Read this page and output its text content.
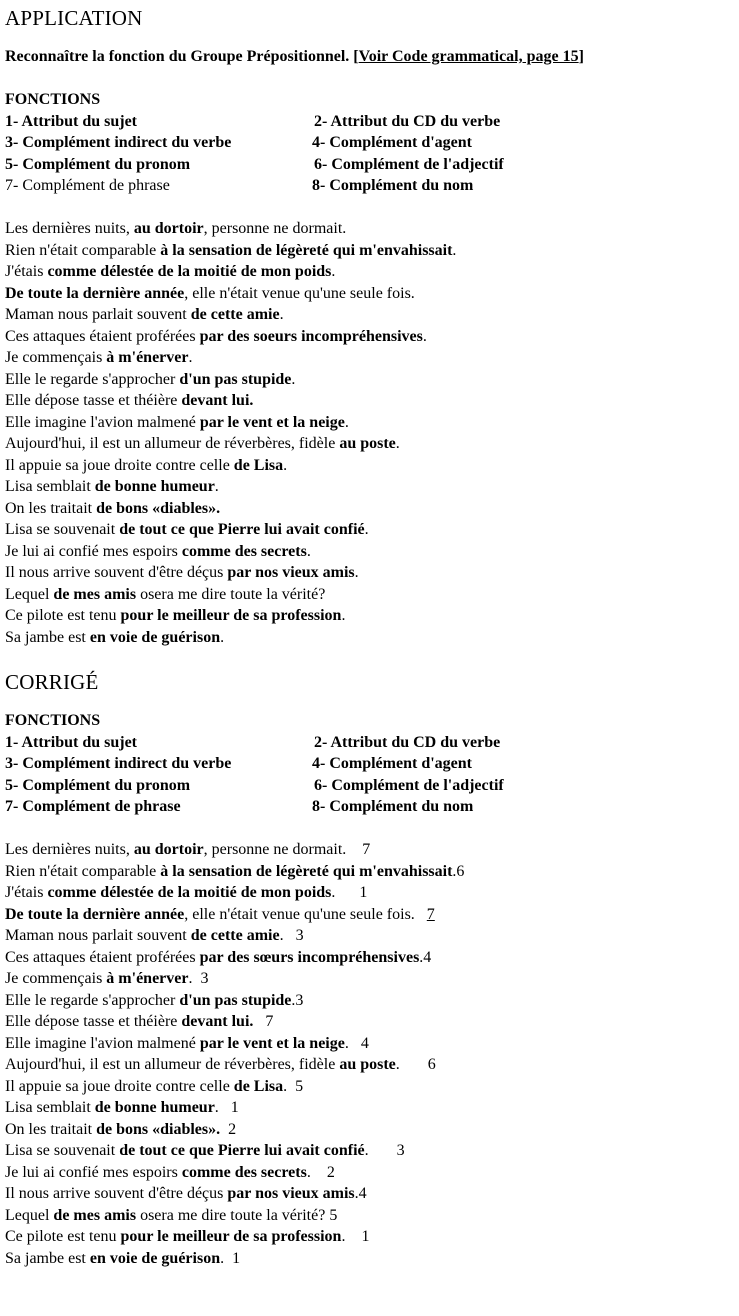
APPLICATION
Reconnaître la fonction du Groupe Prépositionnel. [Voir Code grammatical, page 15]
FONCTIONS
1- Attribut du sujet	2- Attribut du CD du verbe
3- Complément indirect du verbe	4- Complément d'agent
5- Complément du pronom	6- Complément de l'adjectif
7- Complément de phrase	8- Complément du nom
Les dernières nuits, au dortoir, personne ne dormait.
Rien n'était comparable à la sensation de légèreté qui m'envahissait.
J'étais comme délestée de la moitié de mon poids.
De toute la dernière année, elle n'était venue qu'une seule fois.
Maman nous parlait souvent de cette amie.
Ces attaques étaient proférées par des soeurs incompréhensives.
Je commençais à m'énerver.
Elle le regarde s'approcher d'un pas stupide.
Elle dépose tasse et théière devant lui.
Elle imagine l'avion malmené par le vent et la neige.
Aujourd'hui, il est un allumeur de réverbères, fidèle au poste.
Il appuie sa joue droite contre celle de Lisa.
Lisa semblait de bonne humeur.
On les traitait de bons «diables».
Lisa se souvenait de tout ce que Pierre lui avait confié.
Je lui ai confié mes espoirs comme des secrets.
Il nous arrive souvent d'être déçus par nos vieux amis.
Lequel de mes amis osera me dire toute la vérité?
Ce pilote est tenu pour le meilleur de sa profession.
Sa jambe est en voie de guérison.
CORRIGÉ
FONCTIONS
1- Attribut du sujet	2- Attribut du CD du verbe
3- Complément indirect du verbe	4- Complément d'agent
5- Complément du pronom	6- Complément de l'adjectif
7- Complément de phrase	8- Complément du nom
Les dernières nuits, au dortoir, personne ne dormait.    7
Rien n'était comparable à la sensation de légèreté qui m'envahissait.6
J'étais comme délestée de la moitié de mon poids.      1
De toute la dernière année, elle n'était venue qu'une seule fois.   7
Maman nous parlait souvent de cette amie.   3
Ces attaques étaient proférées par des sœurs incompréhensives.4
Je commençais à m'énerver.  3
Elle le regarde s'approcher d'un pas stupide.3
Elle dépose tasse et théière devant lui. 7
Elle imagine l'avion malmené par le vent et la neige.   4
Aujourd'hui, il est un allumeur de réverbères, fidèle au poste.       6
Il appuie sa joue droite contre celle de Lisa.  5
Lisa semblait de bonne humeur.   1
On les traitait de bons «diables». 2
Lisa se souvenait de tout ce que Pierre lui avait confié.       3
Je lui ai confié mes espoirs comme des secrets.    2
Il nous arrive souvent d'être déçus par nos vieux amis.4
Lequel de mes amis osera me dire toute la vérité? 5
Ce pilote est tenu pour le meilleur de sa profession.    1
Sa jambe est en voie de guérison.  1
